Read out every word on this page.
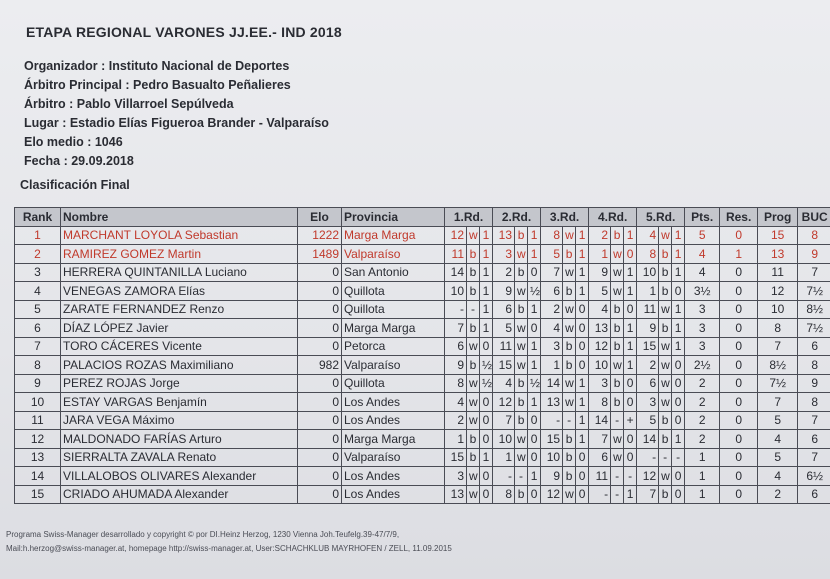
ETAPA REGIONAL VARONES JJ.EE.- IND 2018
Organizador : Instituto Nacional de Deportes
Árbitro Principal : Pedro Basualto Peñalieres
Árbitro : Pablo Villarroel Sepúlveda
Lugar : Estadio Elías Figueroa Brander - Valparaíso
Elo medio : 1046
Fecha : 29.09.2018
Clasificación Final
Rank	Nombre	Elo	Provincia	1.Rd.			2.Rd.			3.Rd.			4.Rd.			5.Rd.			Pts.	Res.	Prog	BUC
1	MARCHANT LOYOLA Sebastian	1222	Marga Marga	12	w	1	13	b	1	8	w	1	2	b	1	4	w	1	5	0	15	8
2	RAMIREZ GOMEZ Martin	1489	Valparaíso	11	b	1	3	w	1	5	b	1	1	w	0	8	b	1	4	1	13	9
3	HERRERA QUINTANILLA Luciano	0	San Antonio	14	b	1	2	b	0	7	w	1	9	w	1	10	b	1	4	0	11	7
4	VENEGAS ZAMORA Elías	0	Quillota	10	b	1	9	w	½	6	b	1	5	w	1	1	b	0	3½	0	12	7½
5	ZARATE FERNANDEZ Renzo	0	Quillota	-	-	1	6	b	1	2	w	0	4	b	0	11	w	1	3	0	10	8½
6	DÍAZ LÓPEZ Javier	0	Marga Marga	7	b	1	5	w	0	4	w	0	13	b	1	9	b	1	3	0	8	7½
7	TORO CÁCERES Vicente	0	Petorca	6	w	0	11	w	1	3	b	0	12	b	1	15	w	1	3	0	7	6
8	PALACIOS ROZAS Maximiliano	982	Valparaíso	9	b	½	15	w	1	1	b	0	10	w	1	2	w	0	2½	0	8½	8
9	PEREZ ROJAS Jorge	0	Quillota	8	w	½	4	b	½	14	w	1	3	b	0	6	w	0	2	0	7½	9
10	ESTAY VARGAS Benjamín	0	Los Andes	4	w	0	12	b	1	13	w	1	8	b	0	3	w	0	2	0	7	8
11	JARA VEGA Máximo	0	Los Andes	2	w	0	7	b	0	-	-	1	14	-	+	5	b	0	2	0	5	7
12	MALDONADO FARÍAS Arturo	0	Marga Marga	1	b	0	10	w	0	15	b	1	7	w	0	14	b	1	2	0	4	6
13	SIERRALTA ZAVALA Renato	0	Valparaíso	15	b	1	1	w	0	10	b	0	6	w	0	-	-	-	1	0	5	7
14	VILLALOBOS OLIVARES Alexander	0	Los Andes	3	w	0	-	-	1	9	b	0	11	-	-	12	w	0	1	0	4	6½
15	CRIADO AHUMADA Alexander	0	Los Andes	13	w	0	8	b	0	12	w	0	-	-	1	7	b	0	1	0	2	6
Programa Swiss-Manager desarrollado y copyright © por DI.Heinz Herzog, 1230 Vienna Joh.Teufelg.39-47/7/9,
Mail:h.herzog@swiss-manager.at, homepage http://swiss-manager.at, User:SCHACHKLUB MAYRHOFEN / ZELL, 11.09.2015
